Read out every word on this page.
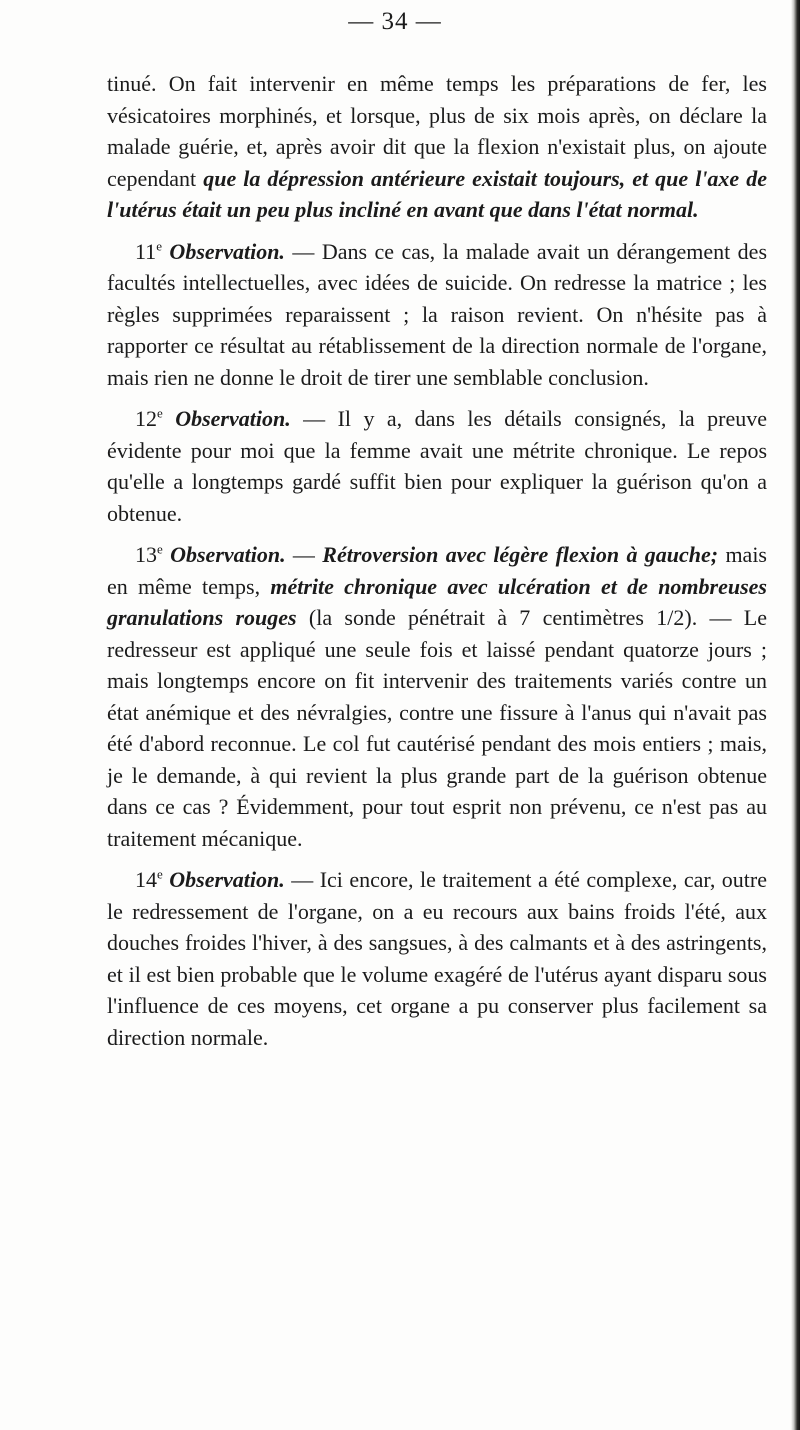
— 34 —

tinué. On fait intervenir en même temps les préparations de fer, les vésicatoires morphinés, et lorsque, plus de six mois après, on déclare la malade guérie, et, après avoir dit que la flexion n'existait plus, on ajoute cependant que la dépression antérieure existait toujours, et que l'axe de l'utérus était un peu plus incliné en avant que dans l'état normal.

11e Observation. — Dans ce cas, la malade avait un dérangement des facultés intellectuelles, avec idées de suicide. On redresse la matrice ; les règles supprimées reparaissent ; la raison revient. On n'hésite pas à rapporter ce résultat au rétablissement de la direction normale de l'organe, mais rien ne donne le droit de tirer une semblable conclusion.

12e Observation. — Il y a, dans les détails consignés, la preuve évidente pour moi que la femme avait une métrite chronique. Le repos qu'elle a longtemps gardé suffit bien pour expliquer la guérison qu'on a obtenue.

13e Observation. — Rétroversion avec légère flexion à gauche; mais en même temps, métrite chronique avec ulcération et de nombreuses granulations rouges (la sonde pénétrait à 7 centimètres 1/2). — Le redresseur est appliqué une seule fois et laissé pendant quatorze jours ; mais longtemps encore on fit intervenir des traitements variés contre un état anémique et des névralgies, contre une fissure à l'anus qui n'avait pas été d'abord reconnue. Le col fut cautérisé pendant des mois entiers ; mais, je le demande, à qui revient la plus grande part de la guérison obtenue dans ce cas ? Évidemment, pour tout esprit non prévenu, ce n'est pas au traitement mécanique.

14e Observation. — Ici encore, le traitement a été complexe, car, outre le redressement de l'organe, on a eu recours aux bains froids l'été, aux douches froides l'hiver, à des sangsues, à des calmants et à des astringents, et il est bien probable que le volume exagéré de l'utérus ayant disparu sous l'influence de ces moyens, cet organe a pu conserver plus facilement sa direction normale.
